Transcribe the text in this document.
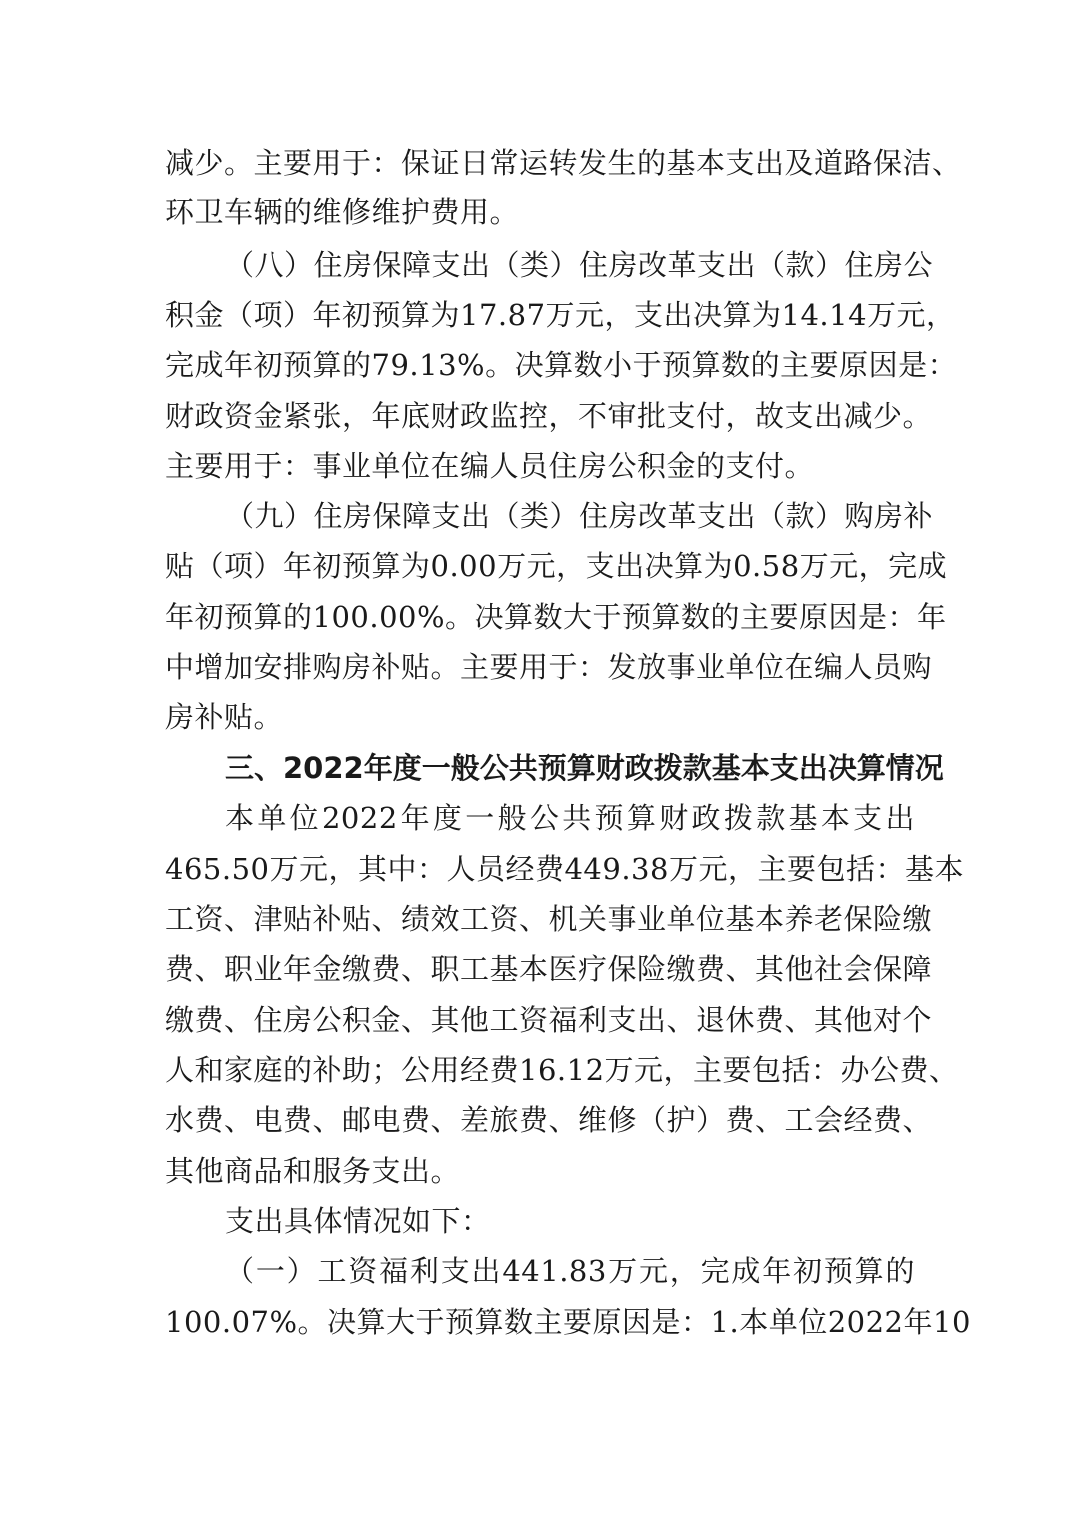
减少。主要用于：保证日常运转发生的基本支出及道路保洁、
环卫车辆的维修维护费用。
（八）住房保障支出（类）住房改革支出（款）住房公
积金（项）年初预算为17.87万元，支出决算为14.14万元，
完成年初预算的79.13%。决算数小于预算数的主要原因是：
财政资金紧张，年底财政监控，不审批支付，故支出减少。
主要用于：事业单位在编人员住房公积金的支付。
（九）住房保障支出（类）住房改革支出（款）购房补
贴（项）年初预算为0.00万元，支出决算为0.58万元，完成
年初预算的100.00%。决算数大于预算数的主要原因是：年
中增加安排购房补贴。主要用于：发放事业单位在编人员购
房补贴。
三、2022年度一般公共预算财政拨款基本支出决算情况
本单位2022年度一般公共预算财政拨款基本支出
465.50万元，其中：人员经费449.38万元，主要包括：基本
工资、津贴补贴、绩效工资、机关事业单位基本养老保险缴
费、职业年金缴费、职工基本医疗保险缴费、其他社会保障
缴费、住房公积金、其他工资福利支出、退休费、其他对个
人和家庭的补助；公用经费16.12万元，主要包括：办公费、
水费、电费、邮电费、差旅费、维修（护）费、工会经费、
其他商品和服务支出。
支出具体情况如下：
（一）工资福利支出441.83万元，完成年初预算的
100.07%。决算大于预算数主要原因是：1.本单位2022年10
